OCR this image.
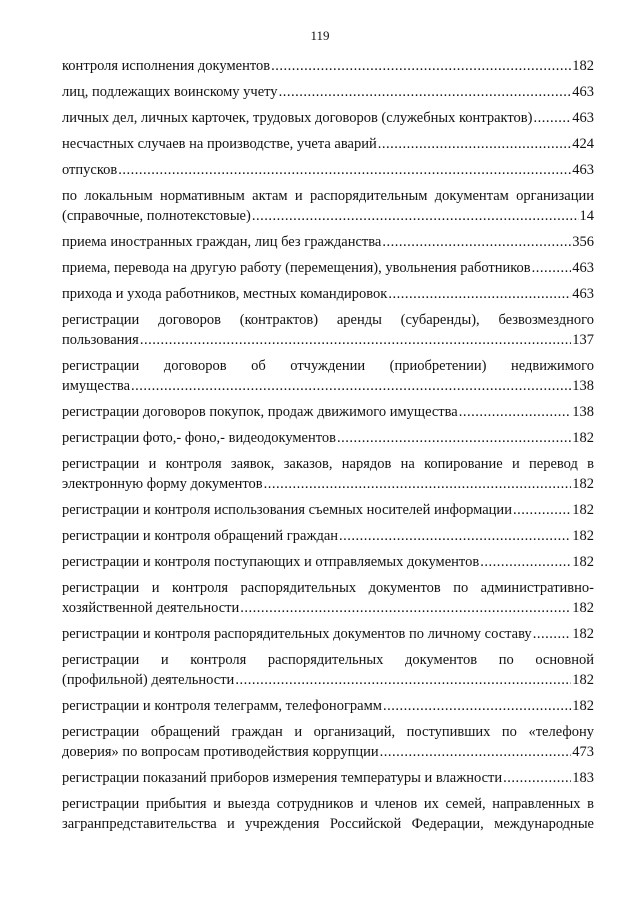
119
контроля исполнения документов .....	182
лиц, подлежащих воинскому учету .....	463
личных дел, личных карточек, трудовых договоров (служебных контрактов) .....	463
несчастных случаев на производстве, учета аварий .....	424
отпусков .....	463
по локальным нормативным актам и распорядительным документам организации
(справочные, полнотекстовые) .....	14
приема иностранных граждан, лиц без гражданства .....	356
приема, перевода на другую работу (перемещения), увольнения работников .....	463
прихода и ухода работников, местных командировок .....	463
регистрации договоров (контрактов) аренды (субаренды), безвозмездного
пользования .....	137
регистрации договоров об отчуждении (приобретении) недвижимого
имущества .....	138
регистрации договоров покупок, продаж движимого имущества .....	138
регистрации фото,- фоно,- видеодокументов .....	182
регистрации и контроля заявок, заказов, нарядов на копирование и перевод в
электронную форму документов .....	182
регистрации и контроля использования съемных носителей информации .....	182
регистрации и контроля обращений граждан .....	182
регистрации и контроля поступающих и отправляемых документов .....	182
регистрации и контроля распорядительных документов по административно-
хозяйственной деятельности .....	182
регистрации и контроля распорядительных документов по личному составу .....	182
регистрации и контроля распорядительных документов по основной
(профильной) деятельности .....	182
регистрации и контроля телеграмм, телефонограмм .....	182
регистрации обращений граждан и организаций, поступивших по «телефону
доверия» по вопросам противодействия коррупции .....	473
регистрации показаний приборов измерения температуры и влажности .....	183
регистрации прибытия и выезда сотрудников и членов их семей, направленных в
загранпредставительства и учреждения Российской Федерации, международные
